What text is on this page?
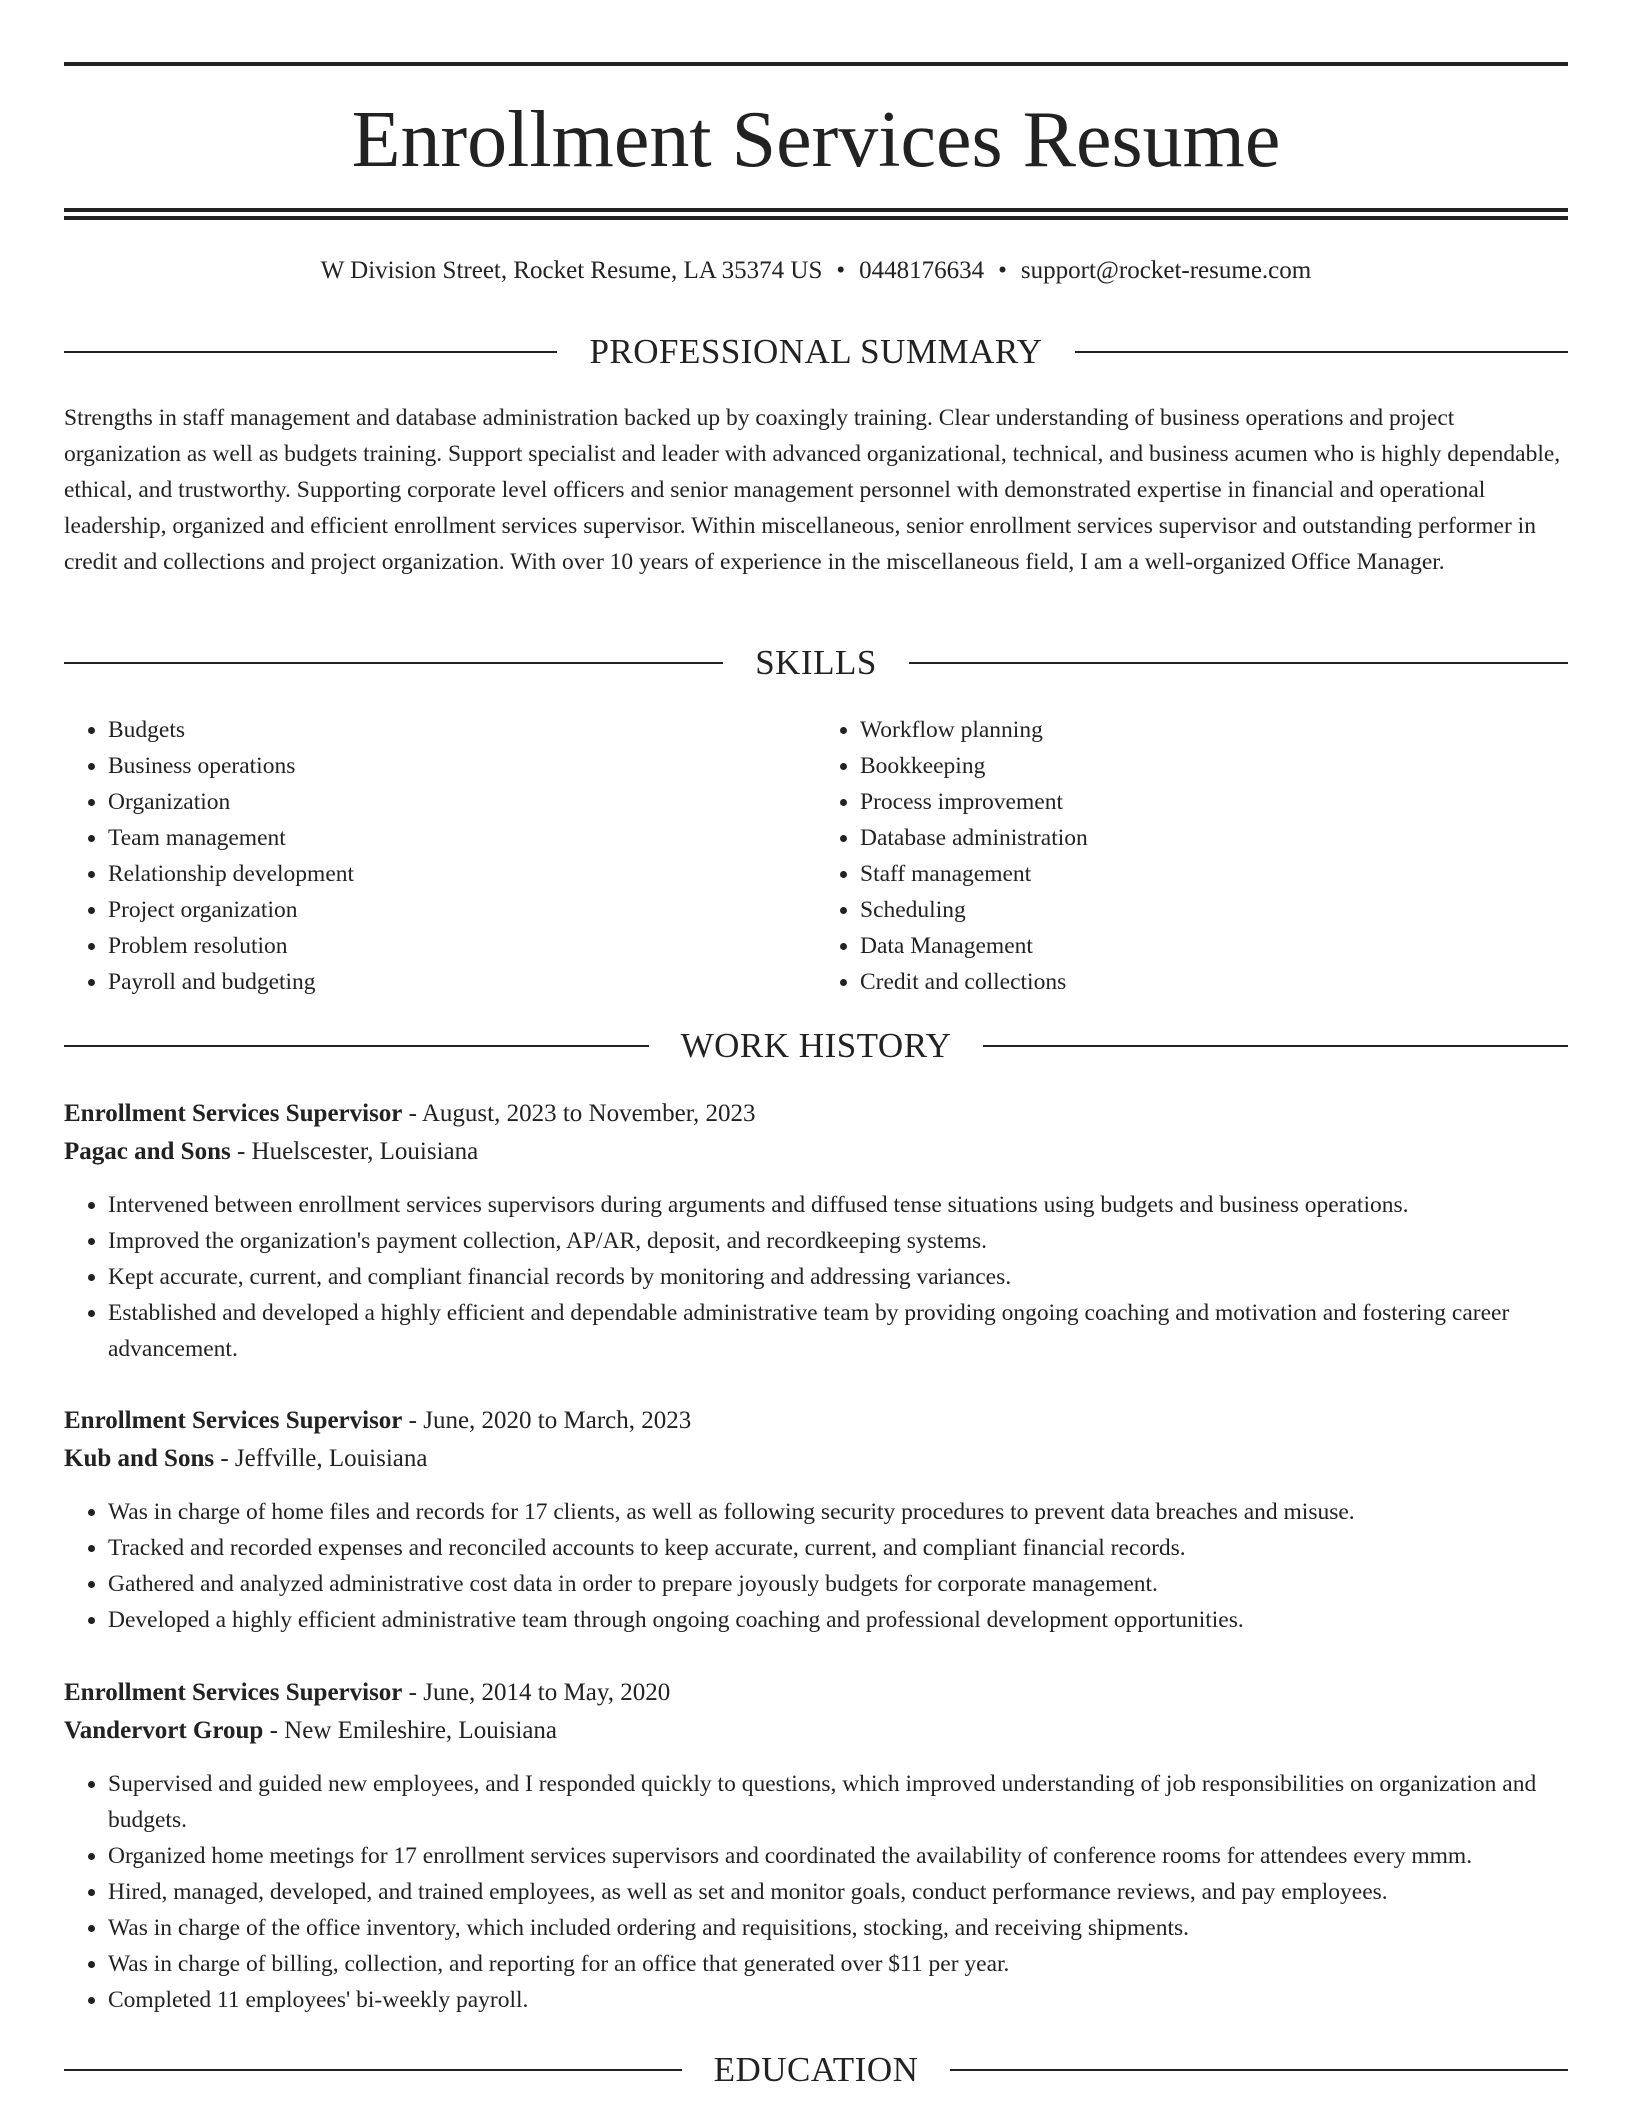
Enrollment Services Resume
W Division Street, Rocket Resume, LA 35374 US • 0448176634 • support@rocket-resume.com
PROFESSIONAL SUMMARY

Strengths in staff management and database administration backed up by coaxingly training. Clear understanding of business operations and project organization as well as budgets training. Support specialist and leader with advanced organizational, technical, and business acumen who is highly dependable, ethical, and trustworthy. Supporting corporate level officers and senior management personnel with demonstrated expertise in financial and operational leadership, organized and efficient enrollment services supervisor. Within miscellaneous, senior enrollment services supervisor and outstanding performer in credit and collections and project organization. With over 10 years of experience in the miscellaneous field, I am a well-organized Office Manager.

SKILLS
• Budgets
• Business operations
• Organization
• Team management
• Relationship development
• Project organization
• Problem resolution
• Payroll and budgeting
• Workflow planning
• Bookkeeping
• Process improvement
• Database administration
• Staff management
• Scheduling
• Data Management
• Credit and collections
WORK HISTORY
Enrollment Services Supervisor - August, 2023 to November, 2023
Pagac and Sons - Huelscester, Louisiana
• Intervened between enrollment services supervisors during arguments and diffused tense situations using budgets and business operations.
• Improved the organization's payment collection, AP/AR, deposit, and recordkeeping systems.
• Kept accurate, current, and compliant financial records by monitoring and addressing variances.
• Established and developed a highly efficient and dependable administrative team by providing ongoing coaching and motivation and fostering career advancement.
Enrollment Services Supervisor - June, 2020 to March, 2023
Kub and Sons - Jeffville, Louisiana
• Was in charge of home files and records for 17 clients, as well as following security procedures to prevent data breaches and misuse.
• Tracked and recorded expenses and reconciled accounts to keep accurate, current, and compliant financial records.
• Gathered and analyzed administrative cost data in order to prepare joyously budgets for corporate management.
• Developed a highly efficient administrative team through ongoing coaching and professional development opportunities.
Enrollment Services Supervisor - June, 2014 to May, 2020
Vandervort Group - New Emileshire, Louisiana
• Supervised and guided new employees, and I responded quickly to questions, which improved understanding of job responsibilities on organization and budgets.
• Organized home meetings for 17 enrollment services supervisors and coordinated the availability of conference rooms for attendees every mmm.
• Hired, managed, developed, and trained employees, as well as set and monitor goals, conduct performance reviews, and pay employees.
• Was in charge of the office inventory, which included ordering and requisitions, stocking, and receiving shipments.
• Was in charge of billing, collection, and reporting for an office that generated over $11 per year.
• Completed 11 employees' bi-weekly payroll.
EDUCATION
